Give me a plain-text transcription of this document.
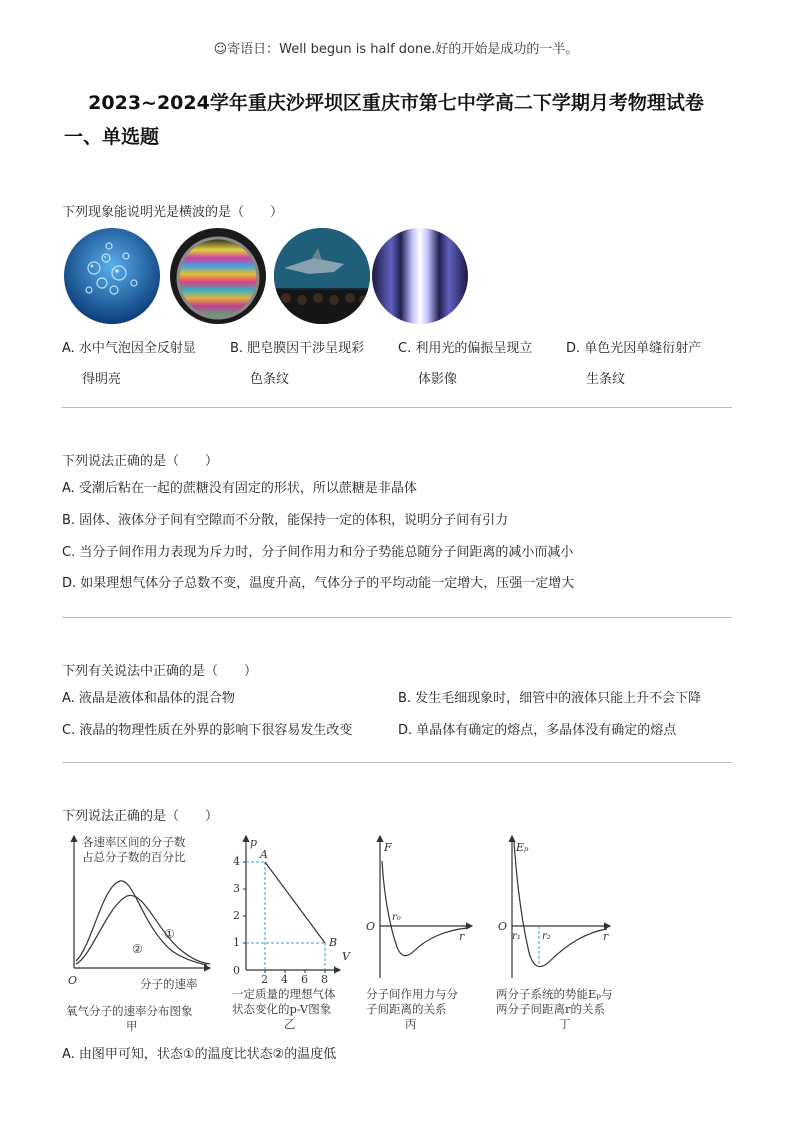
☺寄语日：Well begun is half done.好的开始是成功的一半。
2023~2024学年重庆沙坪坝区重庆市第七中学高二下学期月考物理试卷
一、单选题
下列现象能说明光是横波的是（　　）
A. 水中气泡因全反射显
得明亮
B. 肥皂膜因干涉呈现彩
色条纹
C. 利用光的偏振呈现立
体影像
D. 单色光因单缝衍射产
生条纹
下列说法正确的是（　　）
A. 受潮后粘在一起的蔗糖没有固定的形状，所以蔗糖是非晶体
B. 固体、液体分子间有空隙而不分散，能保持一定的体积，说明分子间有引力
C. 当分子间作用力表现为斥力时，分子间作用力和分子势能总随分子间距离的减小而减小
D. 如果理想气体分子总数不变，温度升高，气体分子的平均动能一定增大，压强一定增大
下列有关说法中正确的是（　　）
A. 液晶是液体和晶体的混合物	B. 发生毛细现象时，细管中的液体只能上升不会下降
C. 液晶的物理性质在外界的影响下很容易发生改变	D. 单晶体有确定的熔点，多晶体没有确定的熔点
下列说法正确的是（　　）
各速率区间的分子数
占总分子数的百分比
①
②
O	分子的速率
氧气分子的速率分布图象
甲
p
V
4
3
2
1
0
2 4 6 8
A
B
一定质量的理想气体
状态变化的p-V图象
乙
F
O
r₀
r
分子间作用力与分
子间距离的关系
丙
Eₚ
O
r₁ r₂	r
两分子系统的势能Eₚ与
两分子间距离r的关系
丁
A. 由图甲可知，状态①的温度比状态②的温度低
